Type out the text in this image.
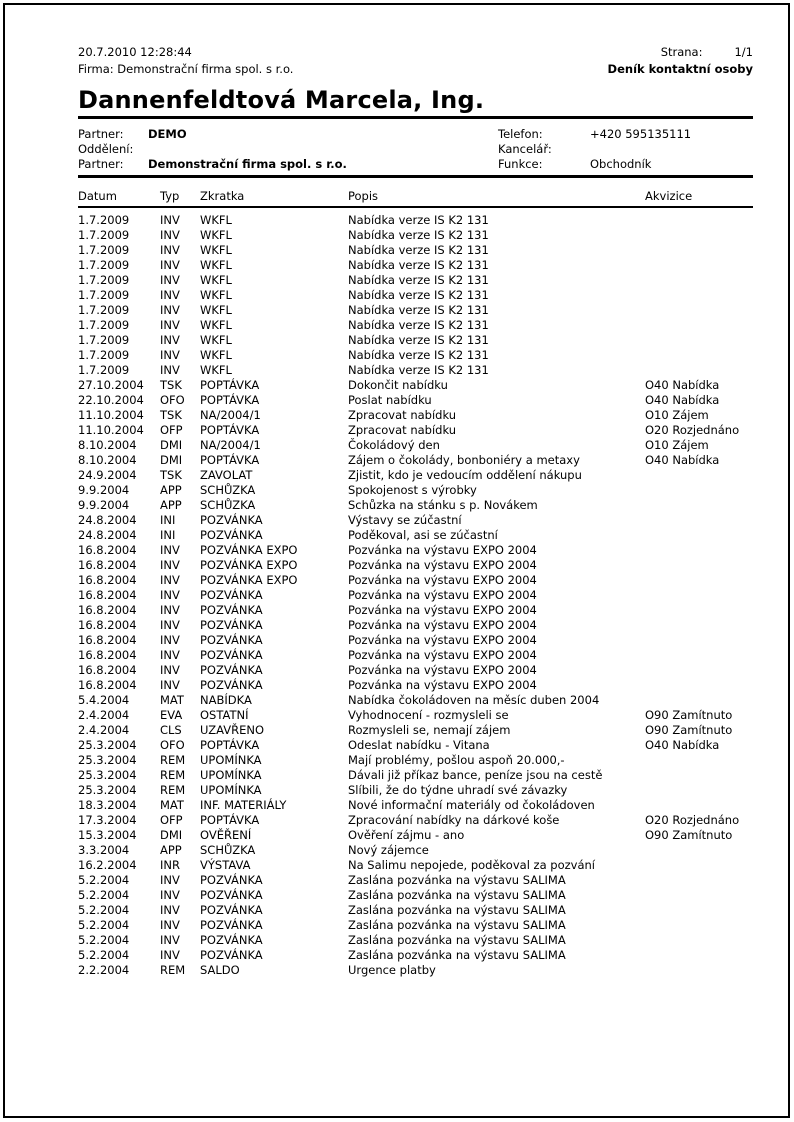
20.7.2010 12:28:44	Strana:	1/1
Firma: Demonstrační firma spol. s r.o.	Deník kontaktní osoby
Dannenfeldtová Marcela, Ing.
Partner:	DEMO	Telefon:	+420 595135111
Oddělení:	Kancelář:
Partner:	Demonstrační firma spol. s r.o.	Funkce:	Obchodník
Datum	Typ	Zkratka	Popis	Akvizice
1.7.2009	INV	WKFL	Nabídka verze IS K2 131
1.7.2009	INV	WKFL	Nabídka verze IS K2 131
1.7.2009	INV	WKFL	Nabídka verze IS K2 131
1.7.2009	INV	WKFL	Nabídka verze IS K2 131
1.7.2009	INV	WKFL	Nabídka verze IS K2 131
1.7.2009	INV	WKFL	Nabídka verze IS K2 131
1.7.2009	INV	WKFL	Nabídka verze IS K2 131
1.7.2009	INV	WKFL	Nabídka verze IS K2 131
1.7.2009	INV	WKFL	Nabídka verze IS K2 131
1.7.2009	INV	WKFL	Nabídka verze IS K2 131
1.7.2009	INV	WKFL	Nabídka verze IS K2 131
27.10.2004	TSK	POPTÁVKA	Dokončit nabídku	O40 Nabídka
22.10.2004	OFO	POPTÁVKA	Poslat nabídku	O40 Nabídka
11.10.2004	TSK	NA/2004/1	Zpracovat nabídku	O10 Zájem
11.10.2004	OFP	POPTÁVKA	Zpracovat nabídku	O20 Rozjednáno
8.10.2004	DMI	NA/2004/1	Čokoládový den	O10 Zájem
8.10.2004	DMI	POPTÁVKA	Zájem o čokolády, bonboniéry a metaxy	O40 Nabídka
24.9.2004	TSK	ZAVOLAT	Zjistit, kdo je vedoucím oddělení nákupu
9.9.2004	APP	SCHŮZKA	Spokojenost s výrobky
9.9.2004	APP	SCHŮZKA	Schůzka na stánku s p. Novákem
24.8.2004	INI	POZVÁNKA	Výstavy se zúčastní
24.8.2004	INI	POZVÁNKA	Poděkoval, asi se zúčastní
16.8.2004	INV	POZVÁNKA EXPO	Pozvánka na výstavu EXPO 2004
16.8.2004	INV	POZVÁNKA EXPO	Pozvánka na výstavu EXPO 2004
16.8.2004	INV	POZVÁNKA EXPO	Pozvánka na výstavu EXPO 2004
16.8.2004	INV	POZVÁNKA	Pozvánka na výstavu EXPO 2004
16.8.2004	INV	POZVÁNKA	Pozvánka na výstavu EXPO 2004
16.8.2004	INV	POZVÁNKA	Pozvánka na výstavu EXPO 2004
16.8.2004	INV	POZVÁNKA	Pozvánka na výstavu EXPO 2004
16.8.2004	INV	POZVÁNKA	Pozvánka na výstavu EXPO 2004
16.8.2004	INV	POZVÁNKA	Pozvánka na výstavu EXPO 2004
16.8.2004	INV	POZVÁNKA	Pozvánka na výstavu EXPO 2004
5.4.2004	MAT	NABÍDKA	Nabídka čokoládoven na měsíc duben 2004
2.4.2004	EVA	OSTATNÍ	Vyhodnocení - rozmysleli se	O90 Zamítnuto
2.4.2004	CLS	UZAVŘENO	Rozmysleli se, nemají zájem	O90 Zamítnuto
25.3.2004	OFO	POPTÁVKA	Odeslat nabídku - Vitana	O40 Nabídka
25.3.2004	REM	UPOMÍNKA	Mají problémy, pošlou aspoň 20.000,-
25.3.2004	REM	UPOMÍNKA	Dávali již příkaz bance, peníze jsou na cestě
25.3.2004	REM	UPOMÍNKA	Slíbili, že do týdne uhradí své závazky
18.3.2004	MAT	INF. MATERIÁLY	Nové informační materiály od čokoládoven
17.3.2004	OFP	POPTÁVKA	Zpracování nabídky na dárkové koše	O20 Rozjednáno
15.3.2004	DMI	OVĚŘENÍ	Ověření zájmu - ano	O90 Zamítnuto
3.3.2004	APP	SCHŮZKA	Nový zájemce
16.2.2004	INR	VÝSTAVA	Na Salimu nepojede, poděkoval za pozvání
5.2.2004	INV	POZVÁNKA	Zaslána pozvánka na výstavu SALIMA
5.2.2004	INV	POZVÁNKA	Zaslána pozvánka na výstavu SALIMA
5.2.2004	INV	POZVÁNKA	Zaslána pozvánka na výstavu SALIMA
5.2.2004	INV	POZVÁNKA	Zaslána pozvánka na výstavu SALIMA
5.2.2004	INV	POZVÁNKA	Zaslána pozvánka na výstavu SALIMA
5.2.2004	INV	POZVÁNKA	Zaslána pozvánka na výstavu SALIMA
2.2.2004	REM	SALDO	Urgence platby
